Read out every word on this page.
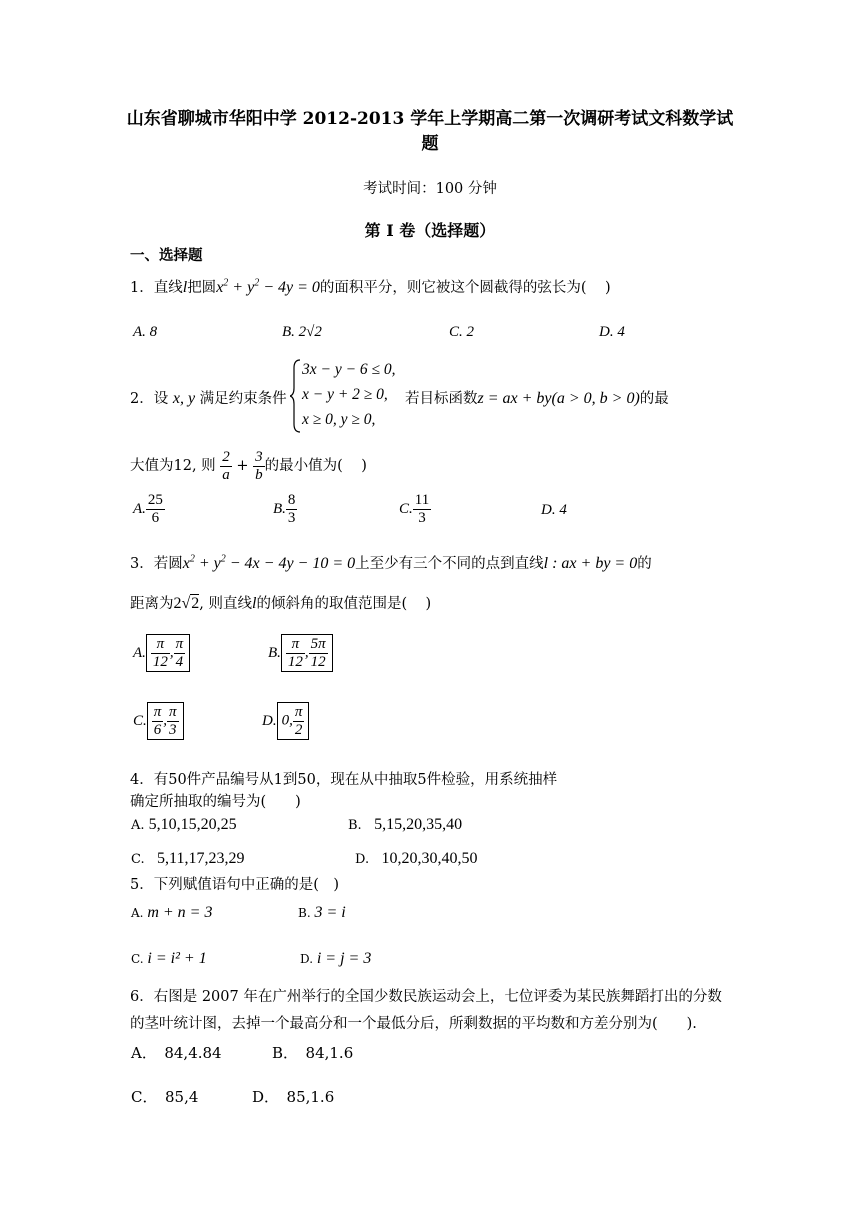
山东省聊城市华阳中学 2012-2013 学年上学期高二第一次调研考试文科数学试
题
考试时间：100 分钟
第 I 卷（选择题）
一、选择题
1．直线l把圆$x^2 + y^2 - 4y = 0$的面积平分，则它被这个圆截得的弦长为( )
A. 8	B. 2√2	C. 2	D. 4
2．设 x, y 满足约束条件
3x − y − 6 ≤ 0,
x − y + 2 ≥ 0,
x ≥ 0, y ≥ 0,
若目标函数z = ax + by(a > 0, b > 0)的最
大值为12, 则 $\frac{2}{a} + \frac{3}{b}$ 的最小值为( )
A. $\frac{25}{6}$	B. $\frac{8}{3}$	C. $\frac{11}{3}$	D. 4
3．若圆$x^2 + y^2 - 4x - 4y - 10 = 0$上至少有三个不同的点到直线l : ax + by = 0的
距离为2√2, 则直线l的倾斜角的取值范围是( )
A. $\frac{\pi}{12}$ , $\frac{\pi}{4}$	B. $\frac{\pi}{12}$ , $\frac{5\pi}{12}$
C. $\frac{\pi}{6}$ , $\frac{\pi}{3}$	D. 0, $\frac{\pi}{2}$
4．有50件产品编号从1到50，现在从中抽取5件检验，用系统抽样
确定所抽取的编号为(　　)
A. 5,10,15,20,25	B. 5,15,20,35,40
C. 5,11,17,23,29	D. 10,20,30,40,50
5．下列赋值语句中正确的是(　)
A. m + n = 3	B. 3 = i
C. i = i² + 1	D. i = j = 3
6．右图是 2007 年在广州举行的全国少数民族运动会上，七位评委为某民族舞蹈打出的分数
的茎叶统计图，去掉一个最高分和一个最低分后，所剩数据的平均数和方差分别为(　　).
A．　84,4.84	B．　84,1.6
C．　85,4	D．　85,1.6
